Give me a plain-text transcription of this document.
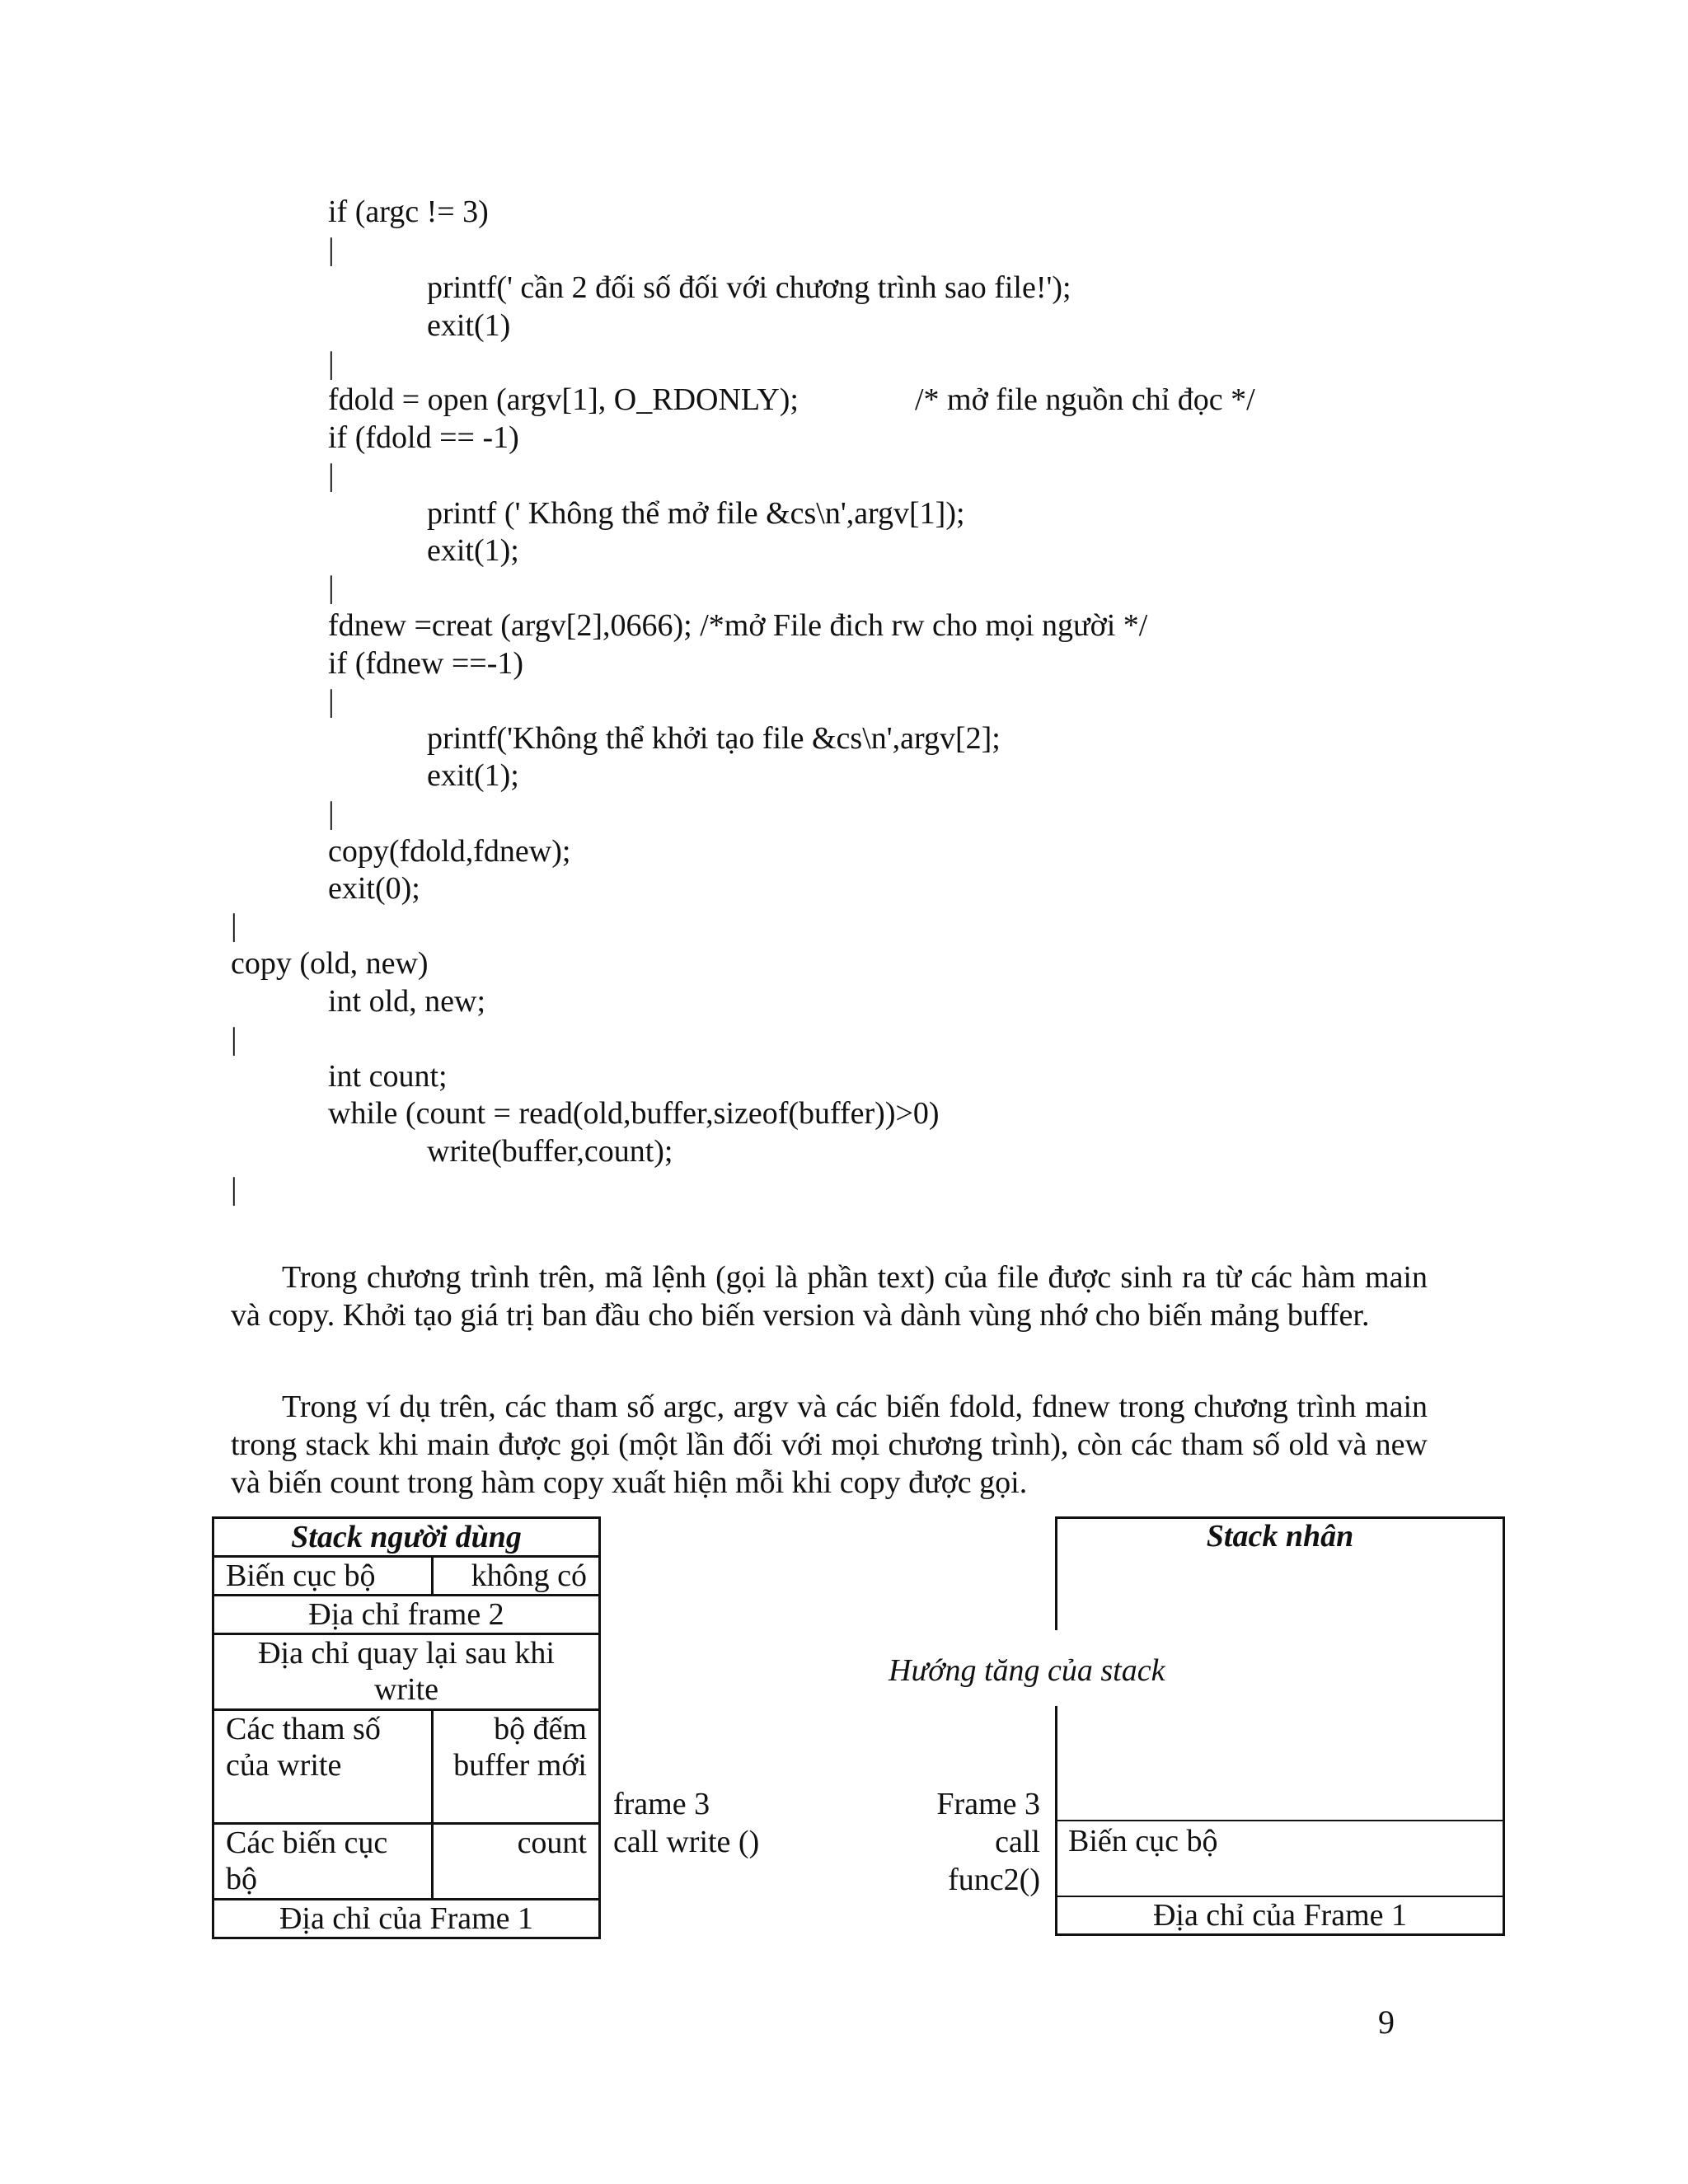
if (argc != 3)
|
printf(' cần 2 đối số đối với chương trình sao file!');
exit(1)
|
fdold = open (argv[1], O_RDONLY);	/* mở file nguồn chỉ đọc */
if (fdold == -1)
|
printf (' Không thể mở file &cs\n',argv[1]);
exit(1);
|
fdnew =creat (argv[2],0666); /*mở File đich rw cho mọi người */
if (fdnew ==-1)
|
printf('Không thể khởi tạo file &cs\n',argv[2];
exit(1);
|
copy(fdold,fdnew);
exit(0);
|
copy (old, new)
int old, new;
|
int count;
while (count = read(old,buffer,sizeof(buffer))>0)
write(buffer,count);
|

Trong chương trình trên, mã lệnh (gọi là phần text) của file được sinh ra từ các hàm main và copy. Khởi tạo giá trị ban đầu cho biến version và dành vùng nhớ cho biến mảng buffer.

Trong ví dụ trên, các tham số argc, argv và các biến fdold, fdnew trong chương trình main trong stack khi main được gọi (một lần đối với mọi chương trình), còn các tham số old và new và biến count trong hàm copy xuất hiện mỗi khi copy được gọi.

Stack người dùng	
Biến cục bộ	không có
Địa chỉ frame 2	
Địa chỉ quay lại sau khi write	
Các tham số của write	bộ đếm buffer mới
Các biến cục bộ	count
Địa chỉ của Frame 1	
frame 3
call write ()
Hướng tăng của stack
Frame 3
call
func2()
Stack nhân
Biến cục bộ
Địa chỉ của Frame 1
9
